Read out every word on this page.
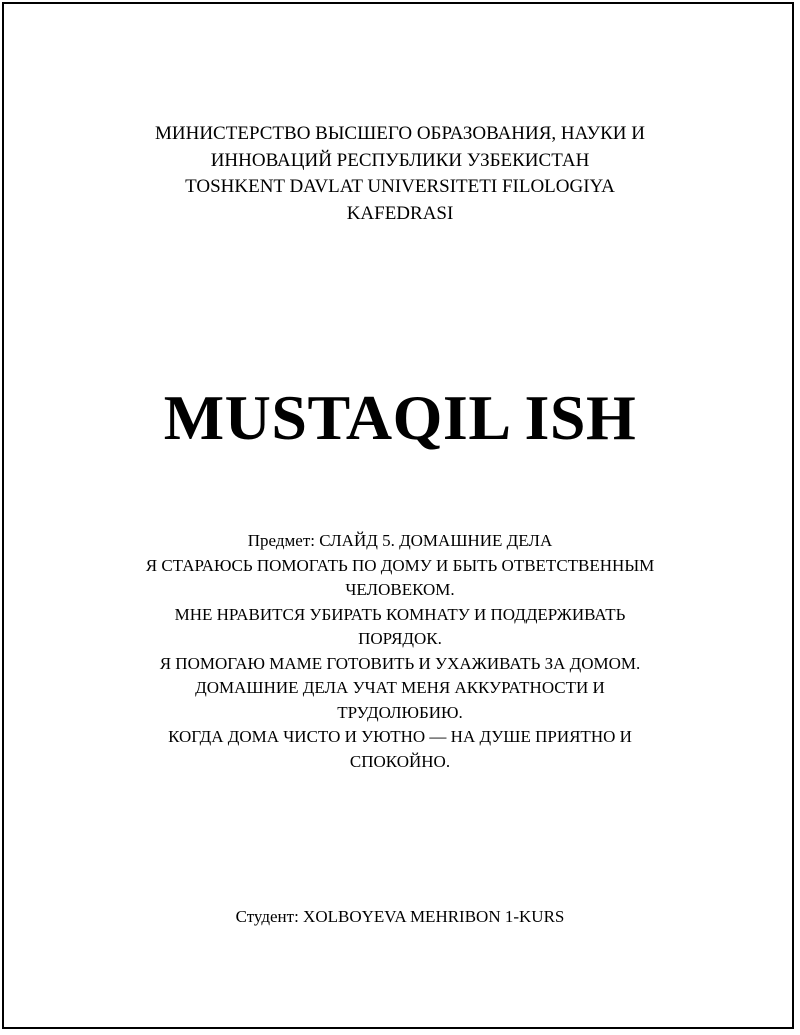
МИНИСТЕРСТВО ВЫСШЕГО ОБРАЗОВАНИЯ, НАУКИ И
ИННОВАЦИЙ РЕСПУБЛИКИ УЗБЕКИСТАН
TOSHKENT DAVLAT UNIVERSITETI FILOLOGIYA
KAFEDRASI
MUSTAQIL ISH
Предмет: СЛАЙД 5. ДОМАШНИЕ ДЕЛА
Я СТАРАЮСЬ ПОМОГАТЬ ПО ДОМУ И БЫТЬ ОТВЕТСТВЕННЫМ
ЧЕЛОВЕКОМ.
МНЕ НРАВИТСЯ УБИРАТЬ КОМНАТУ И ПОДДЕРЖИВАТЬ
ПОРЯДОК.
Я ПОМОГАЮ МАМЕ ГОТОВИТЬ И УХАЖИВАТЬ ЗА ДОМОМ.
ДОМАШНИЕ ДЕЛА УЧАТ МЕНЯ АККУРАТНОСТИ И
ТРУДОЛЮБИЮ.
КОГДА ДОМА ЧИСТО И УЮТНО — НА ДУШЕ ПРИЯТНО И
СПОКОЙНО.
Студент: XOLBOYEVA MEHRIBON 1-KURS
